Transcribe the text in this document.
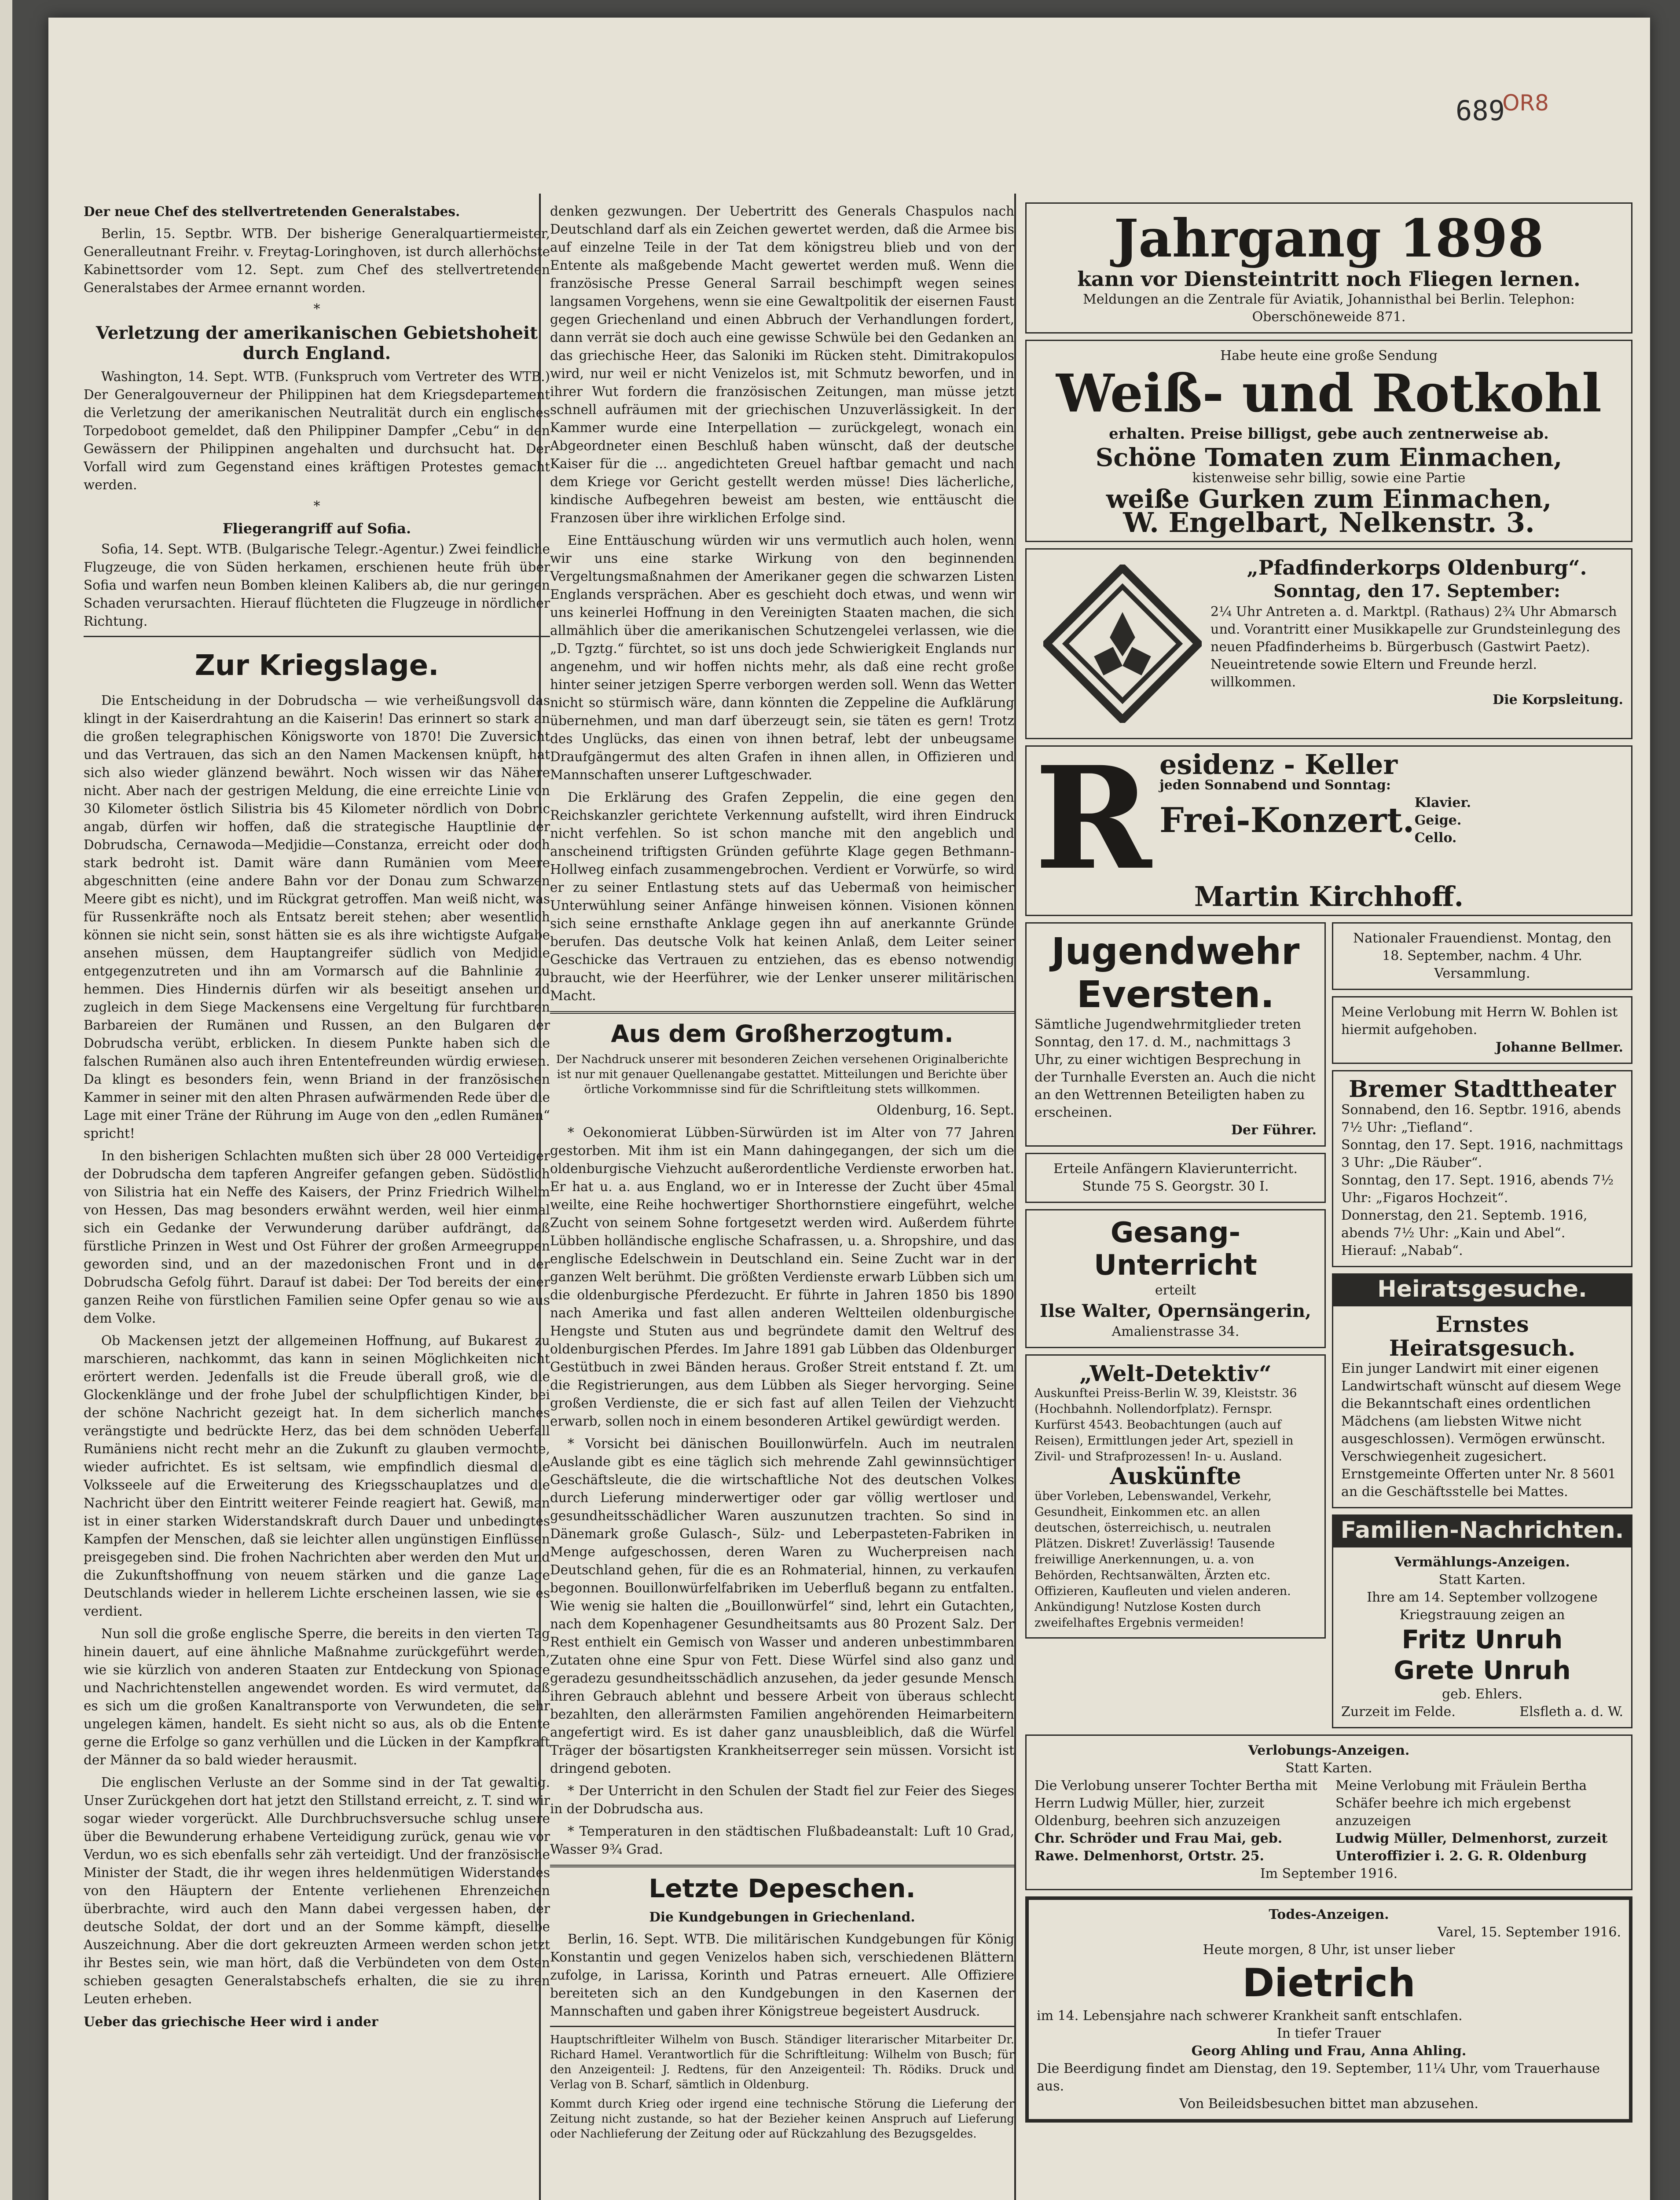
689
OR8

Der neue Chef des stellvertretenden Generalstabes.

Berlin, 15. Septbr. WTB. Der bisherige Generalquartiermeister, Generalleutnant Freihr. v. Freytag-Loringhoven, ist durch allerhöchste Kabinettsorder vom 12. Sept. zum Chef des stellvertretenden Generalstabes der Armee ernannt worden.

*
Verletzung der amerikanischen Gebietshoheit durch England.

Washington, 14. Sept. WTB. (Funkspruch vom Vertreter des WTB.) Der Generalgouverneur der Philippinen hat dem Kriegsdepartement die Verletzung der amerikanischen Neutralität durch ein englisches Torpedoboot gemeldet, daß den Philippiner Dampfer „Cebu“ in den Gewässern der Philippinen angehalten und durchsucht hat. Der Vorfall wird zum Gegenstand eines kräftigen Protestes gemacht werden.

*
Fliegerangriff auf Sofia.

Sofia, 14. Sept. WTB. (Bulgarische Telegr.-Agentur.) Zwei feindliche Flugzeuge, die von Süden herkamen, erschienen heute früh über Sofia und warfen neun Bomben kleinen Kalibers ab, die nur geringen Schaden verursachten. Hierauf flüchteten die Flugzeuge in nördlicher Richtung.

Zur Kriegslage.

Die Entscheidung in der Dobrudscha — wie verheißungsvoll das klingt in der Kaiserdrahtung an die Kaiserin! Das erinnert so stark an die großen telegraphischen Königsworte von 1870! Die Zuversicht und das Vertrauen, das sich an den Namen Mackensen knüpft, hat sich also wieder glänzend bewährt. Noch wissen wir das Nähere nicht. Aber nach der gestrigen Meldung, die eine erreichte Linie von 30 Kilometer östlich Silistria bis 45 Kilometer nördlich von Dobric angab, dürfen wir hoffen, daß die strategische Hauptlinie der Dobrudscha, Cernawoda—Medjidie—Constanza, erreicht oder doch stark bedroht ist. Damit wäre dann Rumänien vom Meere abgeschnitten (eine andere Bahn vor der Donau zum Schwarzen Meere gibt es nicht), und im Rückgrat getroffen. Man weiß nicht, was für Russenkräfte noch als Entsatz bereit stehen; aber wesentlich können sie nicht sein, sonst hätten sie es als ihre wichtigste Aufgabe ansehen müssen, dem Hauptangreifer südlich von Medjidie entgegenzutreten und ihn am Vormarsch auf die Bahnlinie zu hemmen. Dies Hindernis dürfen wir als beseitigt ansehen und zugleich in dem Siege Mackensens eine Vergeltung für furchtbaren Barbareien der Rumänen und Russen, an den Bulgaren der Dobrudscha verübt, erblicken. In diesem Punkte haben sich die falschen Rumänen also auch ihren Ententefreunden würdig erwiesen. Da klingt es besonders fein, wenn Briand in der französischen Kammer in seiner mit den alten Phrasen aufwärmenden Rede über die Lage mit einer Träne der Rührung im Auge von den „edlen Rumänen“ spricht!

In den bisherigen Schlachten mußten sich über 28 000 Verteidiger der Dobrudscha dem tapferen Angreifer gefangen geben. Südöstlich von Silistria hat ein Neffe des Kaisers, der Prinz Friedrich Wilhelm von Hessen, Das mag besonders erwähnt werden, weil hier einmal sich ein Gedanke der Verwunderung darüber aufdrängt, daß fürstliche Prinzen in West und Ost Führer der großen Armeegruppen geworden sind, und an der mazedonischen Front und in der Dobrudscha Gefolg führt. Darauf ist dabei: Der Tod bereits der einer ganzen Reihe von fürstlichen Familien seine Opfer genau so wie aus dem Volke.

Ob Mackensen jetzt der allgemeinen Hoffnung, auf Bukarest zu marschieren, nachkommt, das kann in seinen Möglichkeiten nicht erörtert werden. Jedenfalls ist die Freude überall groß, wie die Glockenklänge und der frohe Jubel der schulpflichtigen Kinder, bei der schöne Nachricht gezeigt hat. In dem sicherlich manches verängstigte und bedrückte Herz, das bei dem schnöden Ueberfall Rumäniens nicht recht mehr an die Zukunft zu glauben vermochte, wieder aufrichtet. Es ist seltsam, wie empfindlich diesmal die Volksseele auf die Erweiterung des Kriegsschauplatzes und die Nachricht über den Eintritt weiterer Feinde reagiert hat. Gewiß, man ist in einer starken Widerstandskraft durch Dauer und unbedingtes Kampfen der Menschen, daß sie leichter allen ungünstigen Einflüssen preisgegeben sind. Die frohen Nachrichten aber werden den Mut und die Zukunftshoffnung von neuem stärken und die ganze Lage Deutschlands wieder in hellerem Lichte erscheinen lassen, wie sie es verdient.

Nun soll die große englische Sperre, die bereits in den vierten Tag hinein dauert, auf eine ähnliche Maßnahme zurückgeführt werden, wie sie kürzlich von anderen Staaten zur Entdeckung von Spionage und Nachrichtenstellen angewendet worden. Es wird vermutet, daß es sich um die großen Kanaltransporte von Verwundeten, die sehr ungelegen kämen, handelt. Es sieht nicht so aus, als ob die Entente gerne die Erfolge so ganz verhüllen und die Lücken in der Kampfkraft der Männer da so bald wieder herausmit.

Die englischen Verluste an der Somme sind in der Tat gewaltig. Unser Zurückgehen dort hat jetzt den Stillstand erreicht, z. T. sind wir sogar wieder vorgerückt. Alle Durchbruchsversuche schlug unsere über die Bewunderung erhabene Verteidigung zurück, genau wie vor Verdun, wo es sich ebenfalls sehr zäh verteidigt. Und der französische Minister der Stadt, die ihr wegen ihres heldenmütigen Widerstandes von den Häuptern der Entente verliehenen Ehrenzeichen überbrachte, wird auch den Mann dabei vergessen haben, der deutsche Soldat, der dort und an der Somme kämpft, dieselbe Auszeichnung. Aber die dort gekreuzten Armeen werden schon jetzt ihr Bestes sein, wie man hört, daß die Verbündeten von dem Osten schieben gesagten Generalstabschefs erhalten, die sie zu ihren Leuten erheben.

Ueber das griechische Heer wird i ander

denken gezwungen. Der Uebertritt des Generals Chaspulos nach Deutschland darf als ein Zeichen gewertet werden, daß die Armee bis auf einzelne Teile in der Tat dem königstreu blieb und von der Entente als maßgebende Macht gewertet werden muß. Wenn die französische Presse General Sarrail beschimpft wegen seines langsamen Vorgehens, wenn sie eine Gewaltpolitik der eisernen Faust gegen Griechenland und einen Abbruch der Verhandlungen fordert, dann verrät sie doch auch eine gewisse Schwüle bei den Gedanken an das griechische Heer, das Saloniki im Rücken steht. Dimitrakopulos wird, nur weil er nicht Venizelos ist, mit Schmutz beworfen, und in ihrer Wut fordern die französischen Zeitungen, man müsse jetzt schnell aufräumen mit der griechischen Unzuverlässigkeit. In der Kammer wurde eine Interpellation — zurückgelegt, wonach ein Abgeordneter einen Beschluß haben wünscht, daß der deutsche Kaiser für die ... angedichteten Greuel haftbar gemacht und nach dem Kriege vor Gericht gestellt werden müsse! Dies lächerliche, kindische Aufbegehren beweist am besten, wie enttäuscht die Franzosen über ihre wirklichen Erfolge sind.

Eine Enttäuschung würden wir uns vermutlich auch holen, wenn wir uns eine starke Wirkung von den beginnenden Vergeltungsmaßnahmen der Amerikaner gegen die schwarzen Listen Englands versprächen. Aber es geschieht doch etwas, und wenn wir uns keinerlei Hoffnung in den Vereinigten Staaten machen, die sich allmählich über die amerikanischen Schutzengelei verlassen, wie die „D. Tgztg.“ fürchtet, so ist uns doch jede Schwierigkeit Englands nur angenehm, und wir hoffen nichts mehr, als daß eine recht große hinter seiner jetzigen Sperre verborgen werden soll. Wenn das Wetter nicht so stürmisch wäre, dann könnten die Zeppeline die Aufklärung übernehmen, und man darf überzeugt sein, sie täten es gern! Trotz des Unglücks, das einen von ihnen betraf, lebt der unbeugsame Draufgängermut des alten Grafen in ihnen allen, in Offizieren und Mannschaften unserer Luftgeschwader.

Die Erklärung des Grafen Zeppelin, die eine gegen den Reichskanzler gerichtete Verkennung aufstellt, wird ihren Eindruck nicht verfehlen. So ist schon manche mit den angeblich und anscheinend triftigsten Gründen geführte Klage gegen Bethmann-Hollweg einfach zusammengebrochen. Verdient er Vorwürfe, so wird er zu seiner Entlastung stets auf das Uebermaß von heimischer Unterwühlung seiner Anfänge hinweisen können. Visionen können sich seine ernsthafte Anklage gegen ihn auf anerkannte Gründe berufen. Das deutsche Volk hat keinen Anlaß, dem Leiter seiner Geschicke das Vertrauen zu entziehen, das es ebenso notwendig braucht, wie der Heerführer, wie der Lenker unserer militärischen Macht.

Aus dem Großherzogtum.

Der Nachdruck unserer mit besonderen Zeichen versehenen Originalberichte ist nur mit genauer Quellenangabe gestattet. Mitteilungen und Berichte über örtliche Vorkommnisse sind für die Schriftleitung stets willkommen.

Oldenburg, 16. Sept.

* Oekonomierat Lübben-Sürwürden ist im Alter von 77 Jahren gestorben. Mit ihm ist ein Mann dahingegangen, der sich um die oldenburgische Viehzucht außerordentliche Verdienste erworben hat. Er hat u. a. aus England, wo er in Interesse der Zucht über 45mal weilte, eine Reihe hochwertiger Shorthornstiere eingeführt, welche Zucht von seinem Sohne fortgesetzt werden wird. Außerdem führte Lübben holländische englische Schafrassen, u. a. Shropshire, und das englische Edelschwein in Deutschland ein. Seine Zucht war in der ganzen Welt berühmt. Die größten Verdienste erwarb Lübben sich um die oldenburgische Pferdezucht. Er führte in Jahren 1850 bis 1890 nach Amerika und fast allen anderen Weltteilen oldenburgische Hengste und Stuten aus und begründete damit den Weltruf des oldenburgischen Pferdes. Im Jahre 1891 gab Lübben das Oldenburger Gestütbuch in zwei Bänden heraus. Großer Streit entstand f. Zt. um die Registrierungen, aus dem Lübben als Sieger hervorging. Seine großen Verdienste, die er sich fast auf allen Teilen der Viehzucht erwarb, sollen noch in einem besonderen Artikel gewürdigt werden.

* Vorsicht bei dänischen Bouillonwürfeln. Auch im neutralen Auslande gibt es eine täglich sich mehrende Zahl gewinnsüchtiger Geschäftsleute, die die wirtschaftliche Not des deutschen Volkes durch Lieferung minderwertiger oder gar völlig wertloser und gesundheitsschädlicher Waren auszunutzen trachten. So sind in Dänemark große Gulasch-, Sülz- und Leberpasteten-Fabriken in Menge aufgeschossen, deren Waren zu Wucherpreisen nach Deutschland gehen, für die es an Rohmaterial, hinnen, zu verkaufen begonnen. Bouillonwürfelfabriken im Ueberfluß begann zu entfalten. Wie wenig sie halten die „Bouillonwürfel“ sind, lehrt ein Gutachten, nach dem Kopenhagener Gesundheitsamts aus 80 Prozent Salz. Der Rest enthielt ein Gemisch von Wasser und anderen unbestimmbaren Zutaten ohne eine Spur von Fett. Diese Würfel sind also ganz und geradezu gesundheitsschädlich anzusehen, da jeder gesunde Mensch ihren Gebrauch ablehnt und bessere Arbeit von überaus schlecht bezahlten, den allerärmsten Familien angehörenden Heimarbeitern angefertigt wird. Es ist daher ganz unausbleiblich, daß die Würfel Träger der bösartigsten Krankheitserreger sein müssen. Vorsicht ist dringend geboten.

* Der Unterricht in den Schulen der Stadt fiel zur Feier des Sieges in der Dobrudscha aus.

* Temperaturen in den städtischen Flußbadeanstalt: Luft 10 Grad, Wasser 9¾ Grad.

Letzte Depeschen.

Die Kundgebungen in Griechenland.

Berlin, 16. Sept. WTB. Die militärischen Kundgebungen für König Konstantin und gegen Venizelos haben sich, verschiedenen Blättern zufolge, in Larissa, Korinth und Patras erneuert. Alle Offiziere bereiteten sich an den Kundgebungen in den Kasernen der Mannschaften und gaben ihrer Königstreue begeistert Ausdruck.

Hauptschriftleiter Wilhelm von Busch. Ständiger literarischer Mitarbeiter Dr. Richard Hamel. Verantwortlich für die Schriftleitung: Wilhelm von Busch; für den Anzeigenteil: J. Redtens, für den Anzeigenteil: Th. Rödiks. Druck und Verlag von B. Scharf, sämtlich in Oldenburg.

Kommt durch Krieg oder irgend eine technische Störung die Lieferung der Zeitung nicht zustande, so hat der Bezieher keinen Anspruch auf Lieferung oder Nachlieferung der Zeitung oder auf Rückzahlung des Bezugsgeldes.

Jahrgang 1898
kann vor Diensteintritt noch Fliegen lernen.
Meldungen an die Zentrale für Aviatik, Johannisthal bei Berlin. Telephon: Oberschöneweide 871.
Habe heute eine große Sendung
Weiß- und Rotkohl
erhalten. Preise billigst, gebe auch zentnerweise ab.
Schöne Tomaten zum Einmachen,
kistenweise sehr billig, sowie eine Partie
weiße Gurken zum Einmachen,
W. Engelbart, Nelkenstr. 3.
„Pfadfinderkorps Oldenburg“.
Sonntag, den 17. September:
2¼ Uhr Antreten a. d. Marktpl. (Rathaus) 2¾ Uhr Abmarsch und. Vorantritt einer Musikkapelle zur Grundsteinlegung des neuen Pfadfinderheims b. Bürgerbusch (Gastwirt Paetz). Neueintretende sowie Eltern und Freunde herzl. willkommen.
Die Korpsleitung.
R esidenz - Keller
jeden Sonnabend und Sonntag:
Frei-Konzert. Klavier. Geige. Cello.
Martin Kirchhoff.
Jugendwehr Eversten.
Sämtliche Jugendwehrmitglieder treten Sonntag, den 17. d. M., nachmittags 3 Uhr, zu einer wichtigen Besprechung in der Turnhalle Eversten an. Auch die nicht an den Wettrennen Beteiligten haben zu erscheinen.
Der Führer.
Erteile Anfängern Klavierunterricht. Stunde 75 S. Georgstr. 30 I.
Gesang-Unterricht
erteilt
Ilse Walter, Opernsängerin,
Amalienstrasse 34.
„Welt-Detektiv“
Auskunftei Preiss-Berlin W. 39, Kleiststr. 36 (Hochbahnh. Nollendorfplatz). Fernspr. Kurfürst 4543. Beobachtungen (auch auf Reisen), Ermittlungen jeder Art, speziell in Zivil- und Strafprozessen! In- u. Ausland.
Auskünfte
über Vorleben, Lebenswandel, Verkehr, Gesundheit, Einkommen etc. an allen deutschen, österreichisch, u. neutralen Plätzen. Diskret! Zuverlässig! Tausende freiwillige Anerkennungen, u. a. von Behörden, Rechtsanwälten, Ärzten etc. Offizieren, Kaufleuten und vielen anderen. Ankündigung! Nutzlose Kosten durch zweifelhaftes Ergebnis vermeiden!
Nationaler Frauendienst. Montag, den 18. September, nachm. 4 Uhr. Versammlung.
Meine Verlobung mit Herrn W. Bohlen ist hiermit aufgehoben.
Johanne Bellmer.
Bremer Stadttheater
Sonnabend, den 16. Septbr. 1916, abends 7½ Uhr: „Tiefland“.
Sonntag, den 17. Sept. 1916, nachmittags 3 Uhr: „Die Räuber“.
Sonntag, den 17. Sept. 1916, abends 7½ Uhr: „Figaros Hochzeit“.
Donnerstag, den 21. Septemb. 1916, abends 7½ Uhr: „Kain und Abel“. Hierauf: „Nabab“.
Heiratsgesuche.
Ernstes Heiratsgesuch.
Ein junger Landwirt mit einer eigenen Landwirtschaft wünscht auf diesem Wege die Bekanntschaft eines ordentlichen Mädchens (am liebsten Witwe nicht ausgeschlossen). Vermögen erwünscht. Verschwiegenheit zugesichert. Ernstgemeinte Offerten unter Nr. 8 5601 an die Geschäftsstelle bei Mattes.
Familien-Nachrichten.
Vermählungs-Anzeigen.
Statt Karten.
Ihre am 14. September vollzogene Kriegstrauung zeigen an
Fritz Unruh
Grete Unruh
geb. Ehlers.
Zurzeit im Felde.	Elsfleth a. d. W.
Verlobungs-Anzeigen.
Statt Karten.
Die Verlobung unserer Tochter Bertha mit Herrn Ludwig Müller, hier, zurzeit Oldenburg, beehren sich anzuzeigen
Chr. Schröder und Frau Mai, geb. Rawe. Delmenhorst, Ortstr. 25.
Meine Verlobung mit Fräulein Bertha Schäfer beehre ich mich ergebenst anzuzeigen
Ludwig Müller, Delmenhorst, zurzeit Unteroffizier i. 2. G. R. Oldenburg
Im September 1916.
Todes-Anzeigen.
Varel, 15. September 1916.
Heute morgen, 8 Uhr, ist unser lieber
Dietrich
im 14. Lebensjahre nach schwerer Krankheit sanft entschlafen.
In tiefer Trauer
Georg Ahling und Frau, Anna Ahling.
Die Beerdigung findet am Dienstag, den 19. September, 11¼ Uhr, vom Trauerhause aus.
Von Beileidsbesuchen bittet man abzusehen.
